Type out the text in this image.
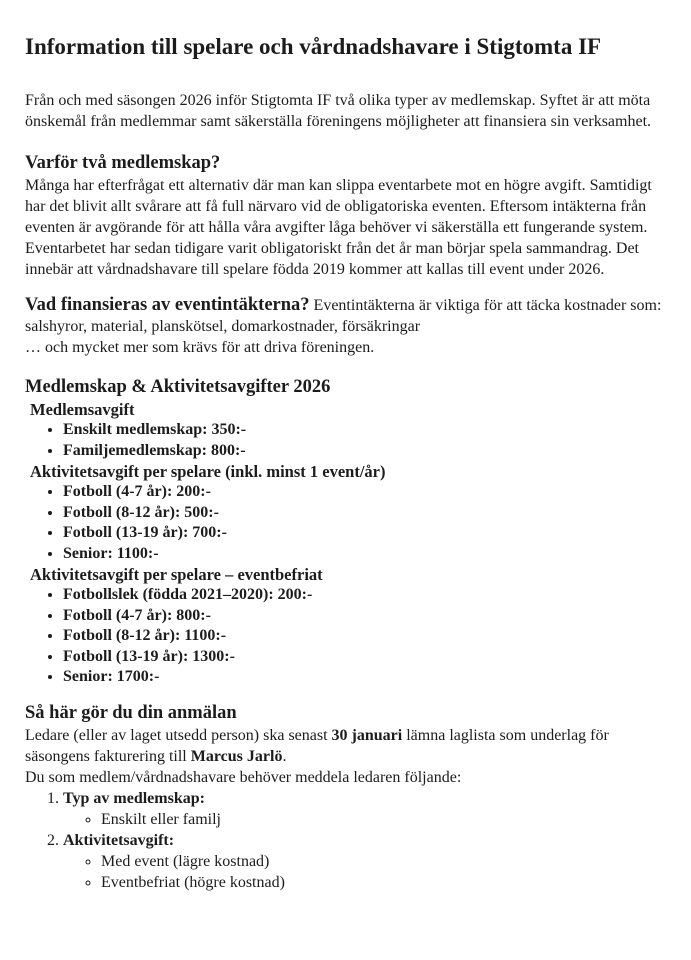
Information till spelare och vårdnadshavare i Stigtomta IF

Från och med säsongen 2026 inför Stigtomta IF två olika typer av medlemskap. Syftet är att möta önskemål från medlemmar samt säkerställa föreningens möjligheter att finansiera sin verksamhet.

Varför två medlemskap?

Många har efterfrågat ett alternativ där man kan slippa eventarbete mot en högre avgift. Samtidigt har det blivit allt svårare att få full närvaro vid de obligatoriska eventen. Eftersom intäkterna från eventen är avgörande för att hålla våra avgifter låga behöver vi säkerställa ett fungerande system.

Eventarbetet har sedan tidigare varit obligatoriskt från det år man börjar spela sammandrag. Det innebär att vårdnadshavare till spelare födda 2019 kommer att kallas till event under 2026.

Vad finansieras av eventintäkterna? Eventintäkterna är viktiga för att täcka kostnader som: salshyror, material, planskötsel, domarkostnader, försäkringar

… och mycket mer som krävs för att driva föreningen.

Medlemskap & Aktivitetsavgifter 2026
Medlemsavgift
• Enskilt medlemskap: 350:-
• Familjemedlemskap: 800:-
Aktivitetsavgift per spelare (inkl. minst 1 event/år)
• Fotboll (4-7 år): 200:-
• Fotboll (8-12 år): 500:-
• Fotboll (13-19 år): 700:-
• Senior: 1100:-
Aktivitetsavgift per spelare – eventbefriat
• Fotbollslek (födda 2021–2020): 200:-
• Fotboll (4-7 år): 800:-
• Fotboll (8-12 år): 1100:-
• Fotboll (13-19 år): 1300:-
• Senior: 1700:-
Så här gör du din anmälan

Ledare (eller av laget utsedd person) ska senast 30 januari lämna laglista som underlag för säsongens fakturering till Marcus Jarlö.

Du som medlem/vårdnadshavare behöver meddela ledaren följande:

1. Typ av medlemskap:
◦ Enskilt eller familj
2. Aktivitetsavgift:
◦ Med event (lägre kostnad)
◦ Eventbefriat (högre kostnad)
